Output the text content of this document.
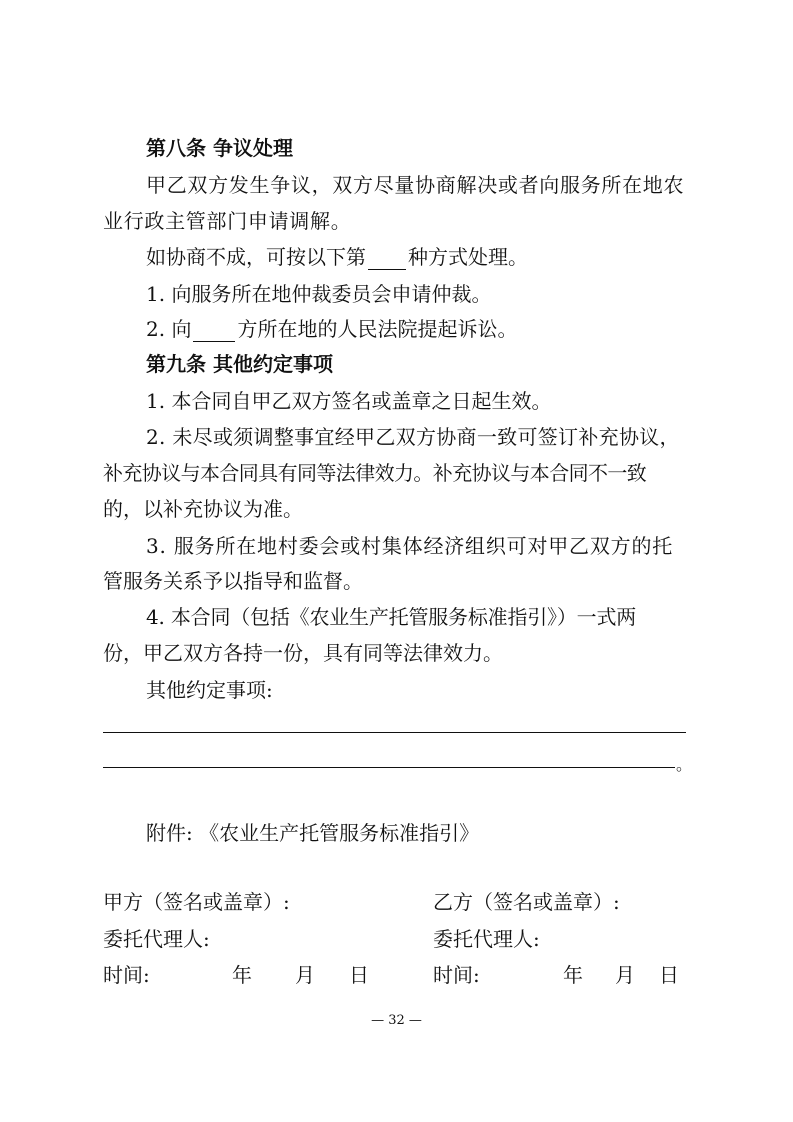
第八条 争议处理
甲乙双方发生争议，双方尽量协商解决或者向服务所在地农
业行政主管部门申请调解。
如协商不成，可按以下第 种方式处理。
1. 向服务所在地仲裁委员会申请仲裁。
2. 向 方所在地的人民法院提起诉讼。
第九条 其他约定事项
1. 本合同自甲乙双方签名或盖章之日起生效。
2. 未尽或须调整事宜经甲乙双方协商一致可签订补充协议，
补充协议与本合同具有同等法律效力。补充协议与本合同不一致
的，以补充协议为准。
3. 服务所在地村委会或村集体经济组织可对甲乙双方的托
管服务关系予以指导和监督。
4. 本合同（包括《农业生产托管服务标准指引》）一式两
份，甲乙双方各持一份，具有同等法律效力。
其他约定事项:
。
附件: 《农业生产托管服务标准指引》
甲方（签名或盖章）:
委托代理人:
时间:	年 月 日
乙方（签名或盖章）:
委托代理人:
时间:	年 月 日
— 32 —
